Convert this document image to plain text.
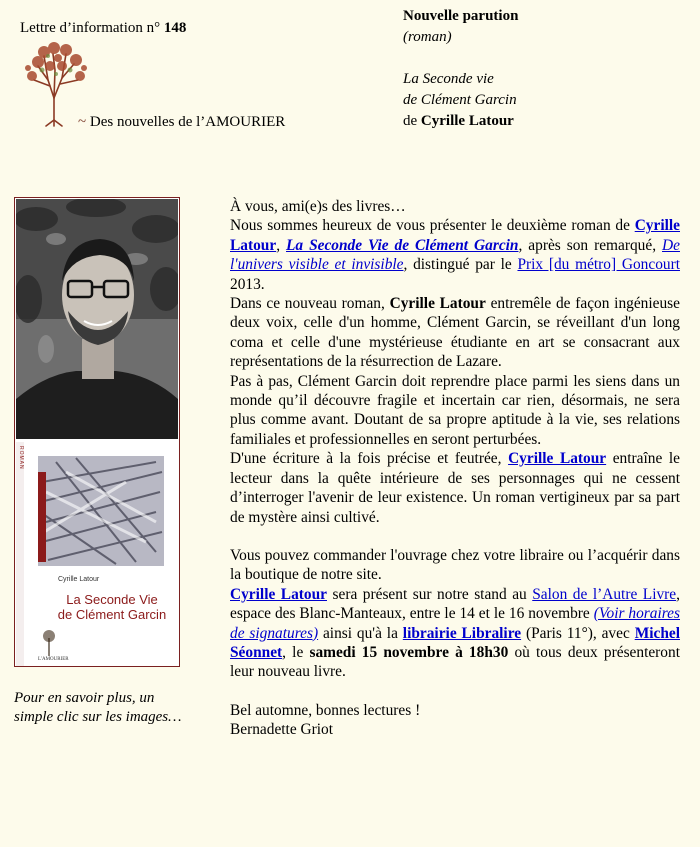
Lettre d’information n° 148
~ Des nouvelles de l’AMOURIER
Nouvelle parution
(roman)
La Seconde vie
de Clément Garcin
de Cyrille Latour
ROMAN
Cyrille Latour
La Seconde Vie
de Clément Garcin
L'AMOURIER
Pour en savoir plus, un simple clic sur les images…

À vous, ami(e)s des livres…

Nous sommes heureux de vous présenter le deuxième roman de Cyrille Latour, La Seconde Vie de Clément Garcin, après son remarqué, De l'univers visible et invisible, distingué par le Prix [du métro] Goncourt 2013.

Dans ce nouveau roman, Cyrille Latour entremêle de façon ingénieuse deux voix, celle d'un homme, Clément Garcin, se réveillant d'un long coma et celle d'une mystérieuse étudiante en art se consacrant aux représentations de la résurrection de Lazare.

Pas à pas, Clément Garcin doit reprendre place parmi les siens dans un monde qu’il découvre fragile et incertain car rien, désormais, ne sera plus comme avant. Doutant de sa propre aptitude à la vie, ses relations familiales et professionnelles en seront perturbées.

D'une écriture à la fois précise et feutrée, Cyrille Latour entraîne le lecteur dans la quête intérieure de ses personnages qui ne cessent d’interroger l'avenir de leur existence. Un roman vertigineux par sa part de mystère ainsi cultivé.

Vous pouvez commander l'ouvrage chez votre libraire ou l’acquérir dans la boutique de notre site.

Cyrille Latour sera présent sur notre stand au Salon de l’Autre Livre, espace des Blanc-Manteaux, entre le 14 et le 16 novembre (Voir horaires de signatures) ainsi qu'à la librairie Libralire (Paris 11°), avec Michel Séonnet, le samedi 15 novembre à 18h30 où tous deux présenteront leur nouveau livre.

Bel automne, bonnes lectures !

Bernadette Griot
